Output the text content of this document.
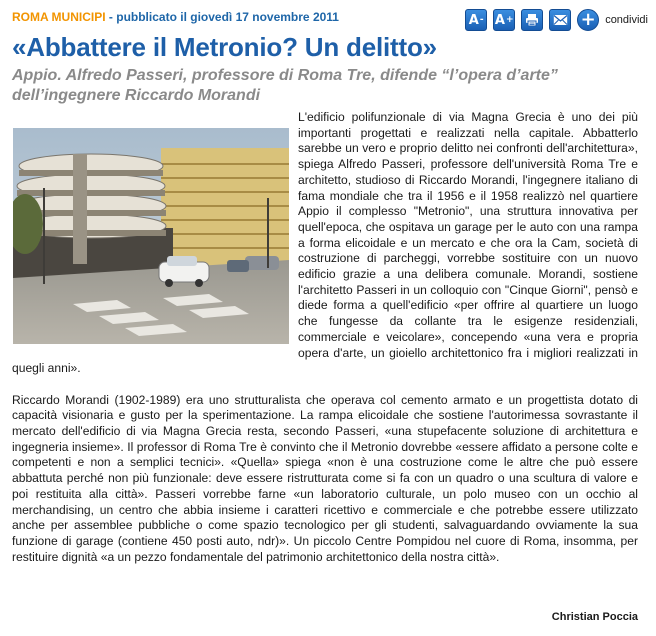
ROMA MUNICIPI - pubblicato il giovedì 17 novembre 2011	A - A +	+ condividi
«Abbattere il Metronio? Un delitto»
Appio. Alfredo Passeri, professore di Roma Tre, difende “l’opera d’arte” dell’ingegnere Riccardo Morandi

L'edificio polifunzionale di via Magna Grecia è uno dei più importanti progettati e realizzati nella capitale. Abbatterlo sarebbe un vero e proprio delitto nei confronti dell'architettura», spiega Alfredo Passeri, professore dell'università Roma Tre e architetto, studioso di Riccardo Morandi, l'ingegnere italiano di fama mondiale che tra il 1956 e il 1958 realizzò nel quartiere Appio il complesso "Metronio", una struttura innovativa per quell'epoca, che ospitava un garage per le auto con una rampa a forma elicoidale e un mercato e che ora la Cam, società di costruzione di parcheggi, vorrebbe sostituire con un nuovo edificio grazie a una delibera comunale. Morandi, sostiene l'architetto Passeri in un colloquio con "Cinque Giorni", pensò e diede forma a quell'edificio «per offrire al quartiere un luogo che fungesse da collante tra le esigenze residenziali, commerciale e veicolare», concependo «una vera e propria opera d'arte, un gioiello architettonico fra i migliori realizzati in quegli anni».

Riccardo Morandi (1902-1989) era uno strutturalista che operava col cemento armato e un progettista dotato di capacità visionaria e gusto per la sperimentazione. La rampa elicoidale che sostiene l'autorimessa sovrastante il mercato dell'edificio di via Magna Grecia resta, secondo Passeri, «una stupefacente soluzione di architettura e ingegneria insieme». Il professor di Roma Tre è convinto che il Metronio dovrebbe «essere affidato a persone colte e competenti e non a semplici tecnici». «Quella» spiega «non è una costruzione come le altre che può essere abbattuta perché non più funzionale: deve essere ristrutturata come si fa con un quadro o una scultura di valore e poi restituita alla città». Passeri vorrebbe farne «un laboratorio culturale, un polo museo con un occhio al merchandising, un centro che abbia insieme i caratteri ricettivo e commerciale e che potrebbe essere utilizzato anche per assemblee pubbliche o come spazio tecnologico per gli studenti, salvaguardando ovviamente la sua funzione di garage (contiene 450 posti auto, ndr)». Un piccolo Centre Pompidou nel cuore di Roma, insomma, per restituire dignità «a un pezzo fondamentale del patrimonio architettonico della nostra città».

Christian Poccia
